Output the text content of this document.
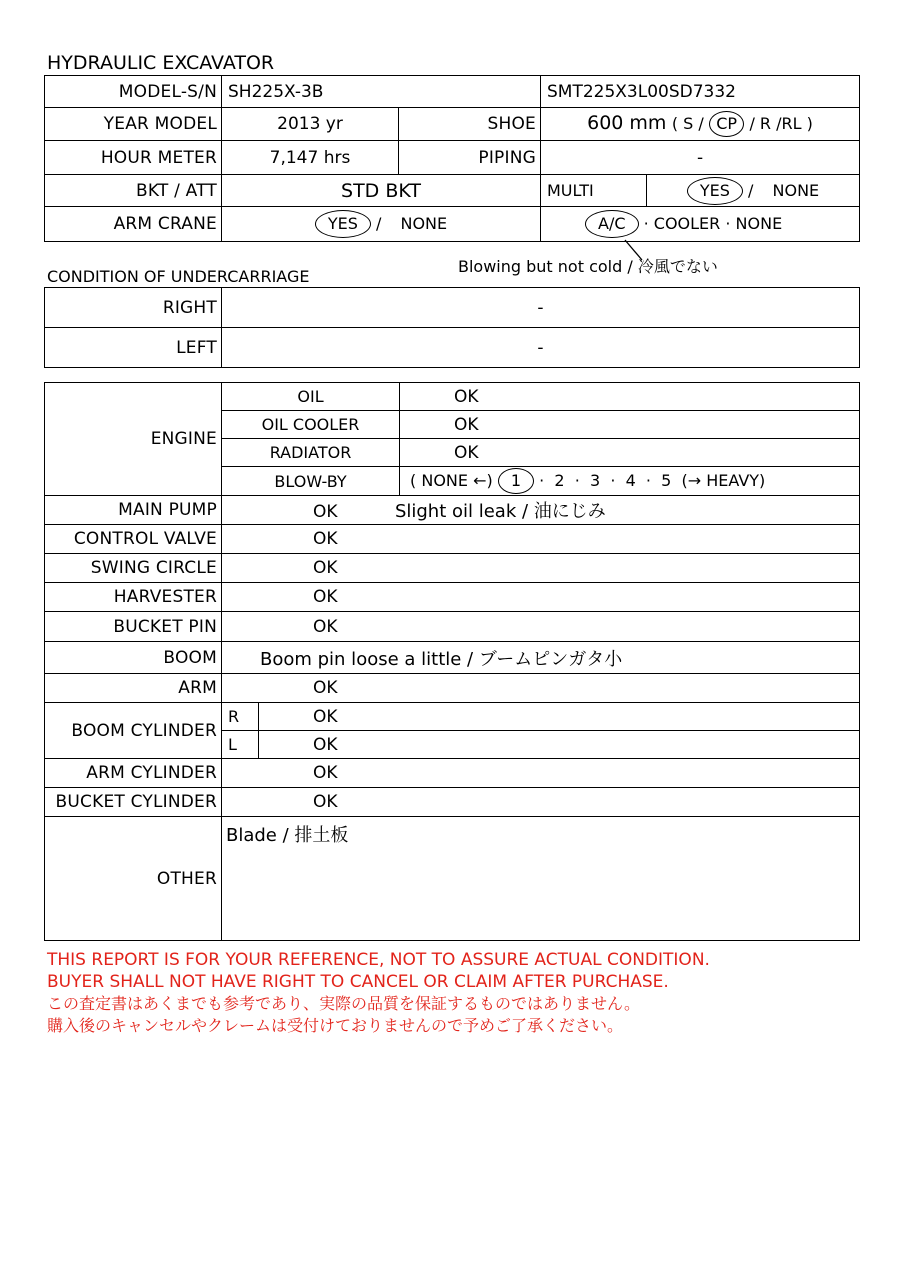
HYDRAULIC EXCAVATOR
MODEL-S/N	SH225X-3B		SMT225X3L00SD7332	
YEAR MODEL	2013 yr	SHOE	600 mm ( S / CP / R /RL )	
HOUR METER	7,147 hrs	PIPING	-	
BKT / ATT	STD BKT		MULTI	YES / NONE
ARM CRANE	YES / NONE		A/C · COOLER · NONE	
Blowing but not cold / 冷風でない
CONDITION OF UNDERCARRIAGE
RIGHT	-
LEFT	-
ENGINE	OIL		OK
	OIL COOLER		OK
	RADIATOR		OK
	BLOW-BY		( NONE ←) 1 ·  2  ·  3  ·  4  ·  5  (→ HEAVY)
MAIN PUMP	OK Slight oil leak / 油にじみ		
CONTROL VALVE	OK		
SWING CIRCLE	OK		
HARVESTER	OK		
BUCKET PIN	OK		
BOOM	Boom pin loose a little / ブームピンガタ小		
ARM	OK		
BOOM CYLINDER	R	OK	
	L	OK	
ARM CYLINDER	OK		
BUCKET CYLINDER	OK		
OTHER	Blade / 排土板		
THIS REPORT IS FOR YOUR REFERENCE, NOT TO ASSURE ACTUAL CONDITION.
BUYER SHALL NOT HAVE RIGHT TO CANCEL OR CLAIM AFTER PURCHASE.
この査定書はあくまでも参考であり、実際の品質を保証するものではありません。
購入後のキャンセルやクレームは受付けておりませんので予めご了承ください。
